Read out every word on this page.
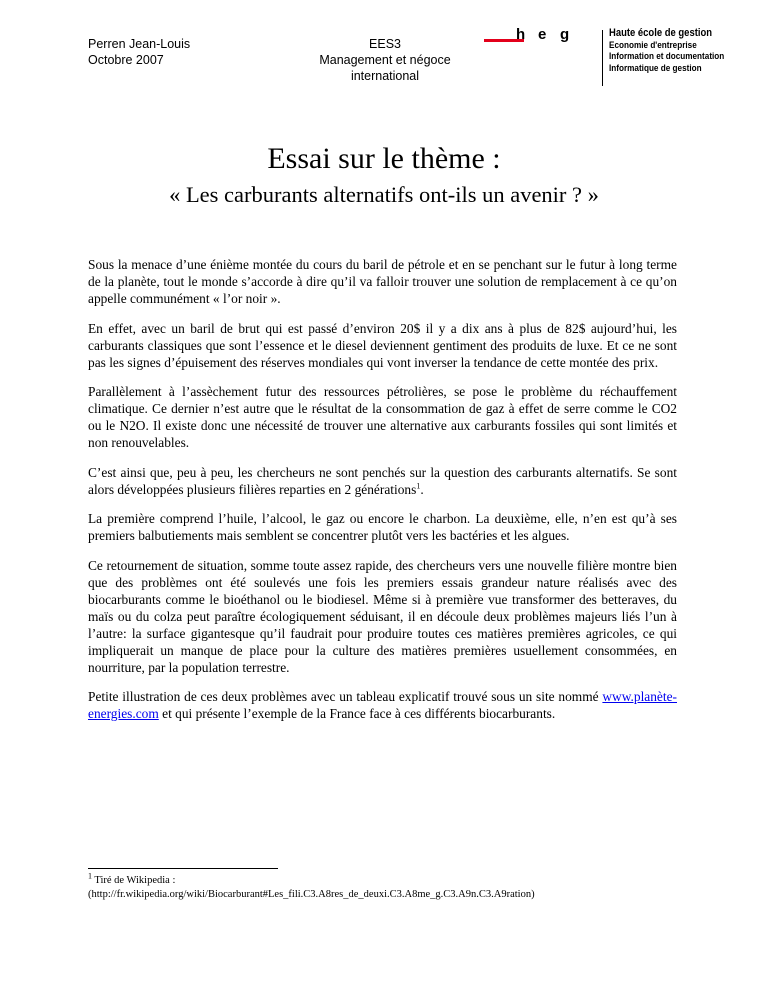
Perren Jean-Louis
Octobre 2007
EES3
Management et négoce
international
h e g	Haute école de gestion
Economie d'entreprise
Information et documentation
Informatique de gestion
Essai sur le thème :
« Les carburants alternatifs ont-ils un avenir ? »

Sous la menace d’une énième montée du cours du baril de pétrole et en se penchant sur le futur à long terme de la planète, tout le monde s’accorde à dire qu’il va falloir trouver une solution de remplacement à ce qu’on appelle communément « l’or noir ».

En effet, avec un baril de brut qui est passé d’environ 20$ il y a dix ans à plus de 82$ aujourd’hui, les carburants classiques que sont l’essence et le diesel deviennent gentiment des produits de luxe. Et ce ne sont pas les signes d’épuisement des réserves mondiales qui vont inverser la tendance de cette montée des prix.

Parallèlement à l’assèchement futur des ressources pétrolières, se pose le problème du réchauffement climatique. Ce dernier n’est autre que le résultat de la consommation de gaz à effet de serre comme le CO2 ou le N2O. Il existe donc une nécessité de trouver une alternative aux carburants fossiles qui sont limités et non renouvelables.

C’est ainsi que, peu à peu, les chercheurs ne sont penchés sur la question des carburants alternatifs. Se sont alors développées plusieurs filières reparties en 2 générations$^1$.

La première comprend l’huile, l’alcool, le gaz ou encore le charbon. La deuxième, elle, n’en est qu’à ses premiers balbutiements mais semblent se concentrer plutôt vers les bactéries et les algues.

Ce retournement de situation, somme toute assez rapide, des chercheurs vers une nouvelle filière montre bien que des problèmes ont été soulevés une fois les premiers essais grandeur nature réalisés avec des biocarburants comme le bioéthanol ou le biodiesel. Même si à première vue transformer des betteraves, du maïs ou du colza peut paraître écologiquement séduisant, il en découle deux problèmes majeurs liés l’un à l’autre: la surface gigantesque qu’il faudrait pour produire toutes ces matières premières agricoles, ce qui impliquerait un manque de place pour la culture des matières premières usuellement consommées, en nourriture, par la population terrestre.

Petite illustration de ces deux problèmes avec un tableau explicatif trouvé sous un site nommé www.planète-energies.com et qui présente l’exemple de la France face à ces différents biocarburants.

$^1$ Tiré de Wikipedia :
(http://fr.wikipedia.org/wiki/Biocarburant#Les_fili.C3.A8res_de_deuxi.C3.A8me_g.C3.A9n.C3.A9ration)
